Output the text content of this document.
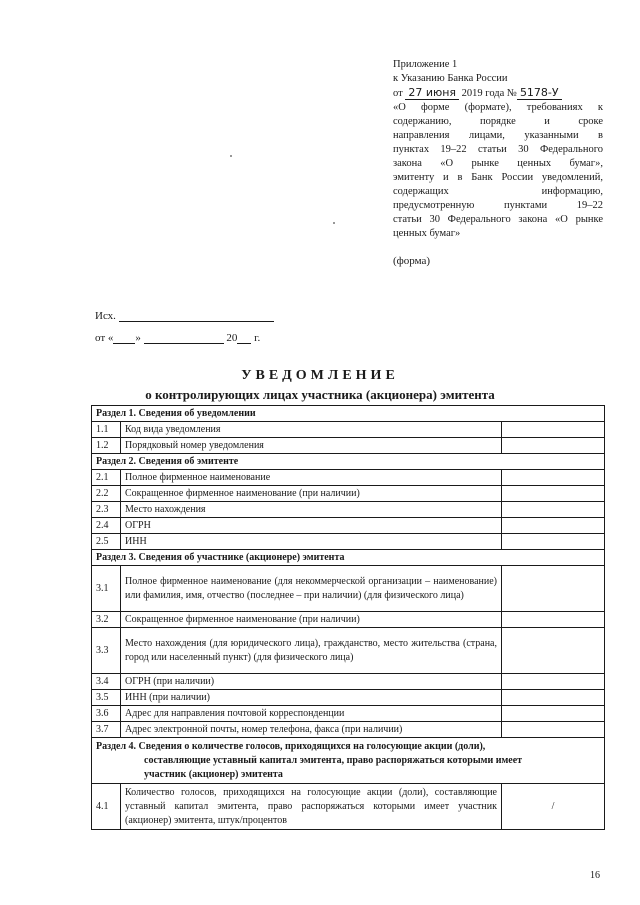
Приложение 1
к Указанию Банка России
от 27 июня 2019 года № 5178-У
«О форме (формате), требованиях к
содержанию, порядке и сроке
направления лицами, указанными в
пунктах 19–22 статьи 30 Федерального
закона «О рынке ценных бумаг»,
эмитенту и в Банк России уведомлений,
содержащих информацию,
предусмотренную пунктами 19–22
статьи 30 Федерального закона «О рынке
ценных бумаг»
(форма)
Исх.
от « »	20 г.
УВЕДОМЛЕНИЕ
о контролирующих лицах участника (акционера) эмитента
Раздел 1. Сведения об уведомлении		
1.1	Код вида уведомления	
1.2	Порядковый номер уведомления	
Раздел 2. Сведения об эмитенте		
2.1	Полное фирменное наименование	
2.2	Сокращенное фирменное наименование (при наличии)	
2.3	Место нахождения	
2.4	ОГРН	
2.5	ИНН	
Раздел 3. Сведения об участнике (акционере) эмитента		
3.1	Полное фирменное наименование (для некоммерческой организации – наименование) или фамилия, имя, отчество (последнее – при наличии) (для физического лица)	
3.2	Сокращенное фирменное наименование (при наличии)	
3.3	Место нахождения (для юридического лица), гражданство, место жительства (страна, город или населенный пункт) (для физического лица)	
3.4	ОГРН (при наличии)	
3.5	ИНН (при наличии)	
3.6	Адрес для направления почтовой корреспонденции	
3.7	Адрес электронной почты, номер телефона, факса (при наличии)	

Раздел 4. Сведения о количестве голосов, приходящихся на голосующие акции (доли),
составляющие уставный капитал эмитента, право распоряжаться которыми имеет
участник (акционер) эмитента		

4.1	Количество голосов, приходящихся на голосующие акции (доли), составляющие уставный капитал эмитента, право распоряжаться которыми имеет участник (акционер) эмитента, штук/процентов	/
16
